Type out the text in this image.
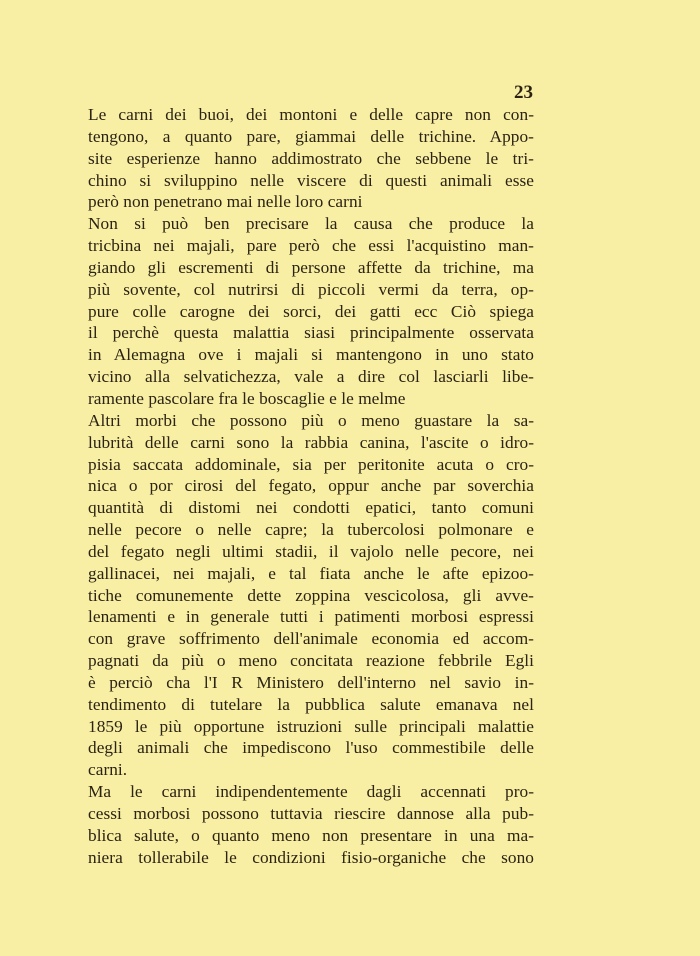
23
Le carni dei buoi, dei montoni e delle capre non con-
tengono, a quanto pare, giammai delle trichine. Appo-
site esperienze hanno addimostrato che sebbene le tri-
chino si sviluppino nelle viscere di questi animali esse
però non penetrano mai nelle loro carni
Non si può ben precisare la causa che produce la
tricbina nei majali, pare però che essi l'acquistino man-
giando gli escrementi di persone affette da trichine, ma
più sovente, col nutrirsi di piccoli vermi da terra, op-
pure colle carogne dei sorci, dei gatti ecc Ciò spiega
il perchè questa malattia siasi principalmente osservata
in Alemagna ove i majali si mantengono in uno stato
vicino alla selvatichezza, vale a dire col lasciarli libe-
ramente pascolare fra le boscaglie e le melme
Altri morbi che possono più o meno guastare la sa-
lubrità delle carni sono la rabbia canina, l'ascite o idro-
pisia saccata addominale, sia per peritonite acuta o cro-
nica o por cirosi del fegato, oppur anche par soverchia
quantità di distomi nei condotti epatici, tanto comuni
nelle pecore o nelle capre; la tubercolosi polmonare e
del fegato negli ultimi stadii, il vajolo nelle pecore, nei
gallinacei, nei majali, e tal fiata anche le afte epizoo-
tiche comunemente dette zoppina vescicolosa, gli avve-
lenamenti e in generale tutti i patimenti morbosi espressi
con grave soffrimento dell'animale economia ed accom-
pagnati da più o meno concitata reazione febbrile Egli
è perciò cha l'I R Ministero dell'interno nel savio in-
tendimento di tutelare la pubblica salute emanava nel
1859 le più opportune istruzioni sulle principali malattie
degli animali che impediscono l'uso commestibile delle
carni.
Ma le carni indipendentemente dagli accennati pro-
cessi morbosi possono tuttavia riescire dannose alla pub-
blica salute, o quanto meno non presentare in una ma-
niera tollerabile le condizioni fisio-organiche che sono
